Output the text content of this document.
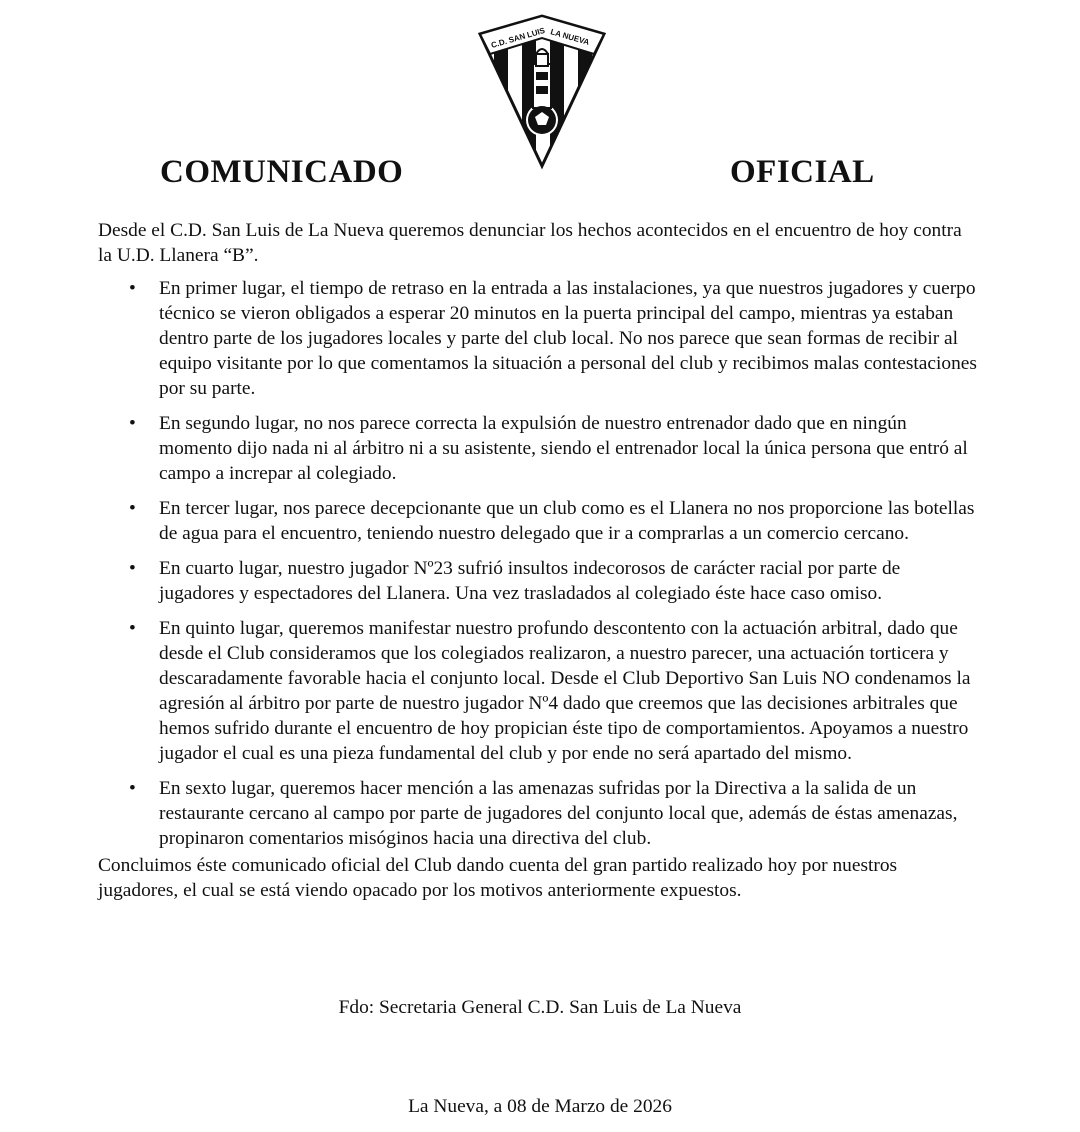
C.D. SAN LUIS LA NUEVA
COMUNICADO	OFICIAL

Desde el C.D. San Luis de La Nueva queremos denunciar los hechos acontecidos en el encuentro de hoy contra la U.D. Llanera “B”.

• En primer lugar, el tiempo de retraso en la entrada a las instalaciones, ya que nuestros jugadores y cuerpo técnico se vieron obligados a esperar 20 minutos en la puerta principal del campo, mientras ya estaban dentro parte de los jugadores locales y parte del club local. No nos parece que sean formas de recibir al equipo visitante por lo que comentamos la situación a personal del club y recibimos malas contestaciones por su parte.
• En segundo lugar, no nos parece correcta la expulsión de nuestro entrenador dado que en ningún momento dijo nada ni al árbitro ni a su asistente, siendo el entrenador local la única persona que entró al campo a increpar al colegiado.
• En tercer lugar, nos parece decepcionante que un club como es el Llanera no nos proporcione las botellas de agua para el encuentro, teniendo nuestro delegado que ir a comprarlas a un comercio cercano.
• En cuarto lugar, nuestro jugador Nº23 sufrió insultos indecorosos de carácter racial por parte de jugadores y espectadores del Llanera. Una vez trasladados al colegiado éste hace caso omiso.
• En quinto lugar, queremos manifestar nuestro profundo descontento con la actuación arbitral, dado que desde el Club consideramos que los colegiados realizaron, a nuestro parecer, una actuación torticera y descaradamente favorable hacia el conjunto local. Desde el Club Deportivo San Luis NO condenamos la agresión al árbitro por parte de nuestro jugador Nº4 dado que creemos que las decisiones arbitrales que hemos sufrido durante el encuentro de hoy propician éste tipo de comportamientos. Apoyamos a nuestro jugador el cual es una pieza fundamental del club y por ende no será apartado del mismo.
• En sexto lugar, queremos hacer mención a las amenazas sufridas por la Directiva a la salida de un restaurante cercano al campo por parte de jugadores del conjunto local que, además de éstas amenazas, propinaron comentarios misóginos hacia una directiva del club.

Concluimos éste comunicado oficial del Club dando cuenta del gran partido realizado hoy por nuestros jugadores, el cual se está viendo opacado por los motivos anteriormente expuestos.

Fdo: Secretaria General C.D. San Luis de La Nueva

La Nueva, a 08 de Marzo de 2026
